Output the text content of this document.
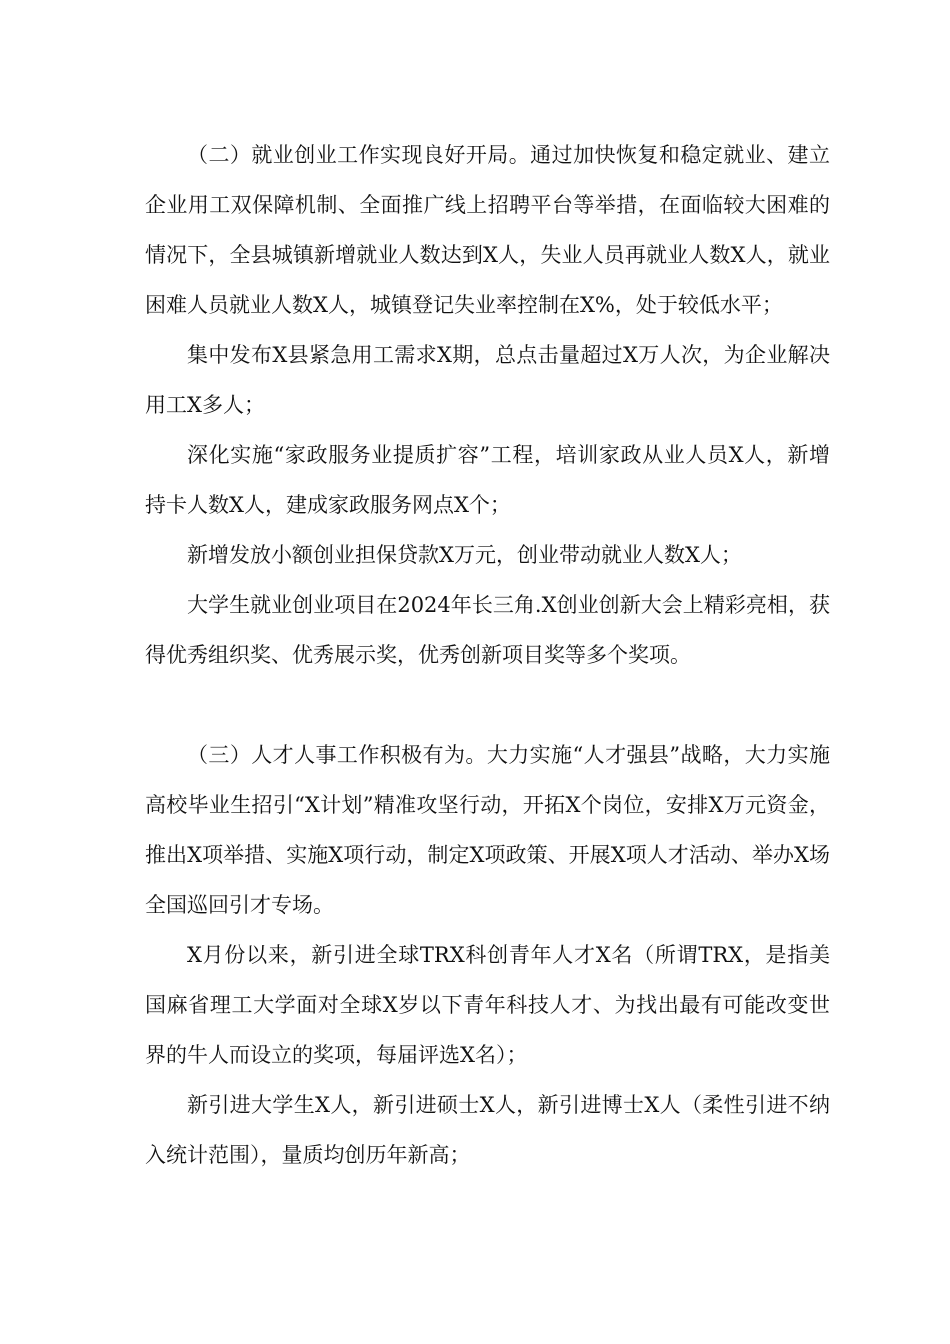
（二）就业创业工作实现良好开局。通过加快恢复和稳定就业、建立企业用工双保障机制、全面推广线上招聘平台等举措，在面临较大困难的情况下，全县城镇新增就业人数达到X人，失业人员再就业人数X人，就业困难人员就业人数X人，城镇登记失业率控制在X%，处于较低水平；

集中发布X县紧急用工需求X期，总点击量超过X万人次，为企业解决用工X多人；

深化实施“家政服务业提质扩容”工程，培训家政从业人员X人，新增持卡人数X人，建成家政服务网点X个；

新增发放小额创业担保贷款X万元，创业带动就业人数X人；

大学生就业创业项目在2024年长三角.X创业创新大会上精彩亮相，获得优秀组织奖、优秀展示奖，优秀创新项目奖等多个奖项。

（三）人才人事工作积极有为。大力实施“人才强县”战略，大力实施高校毕业生招引“X计划”精准攻坚行动，开拓X个岗位，安排X万元资金，推出X项举措、实施X项行动，制定X项政策、开展X项人才活动、举办X场全国巡回引才专场。

X月份以来，新引进全球TRX科创青年人才X名（所谓TRX，是指美国麻省理工大学面对全球X岁以下青年科技人才、为找出最有可能改变世界的牛人而设立的奖项，每届评选X名）；

新引进大学生X人，新引进硕士X人，新引进博士X人（柔性引进不纳入统计范围），量质均创历年新高；
